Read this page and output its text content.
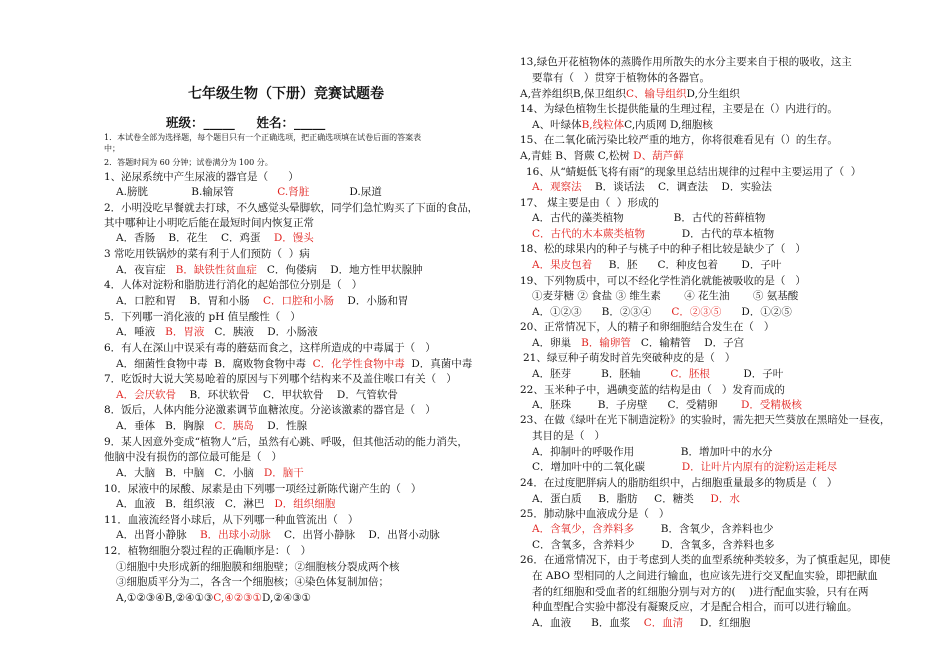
七年级生物（下册）竞赛试题卷
班级：_____     姓名：_____
1．本试卷全部为选择题，每个题目只有一个正确选项，把正确选项填在试卷后面的答案表
中；
2．答题时间为 60 分钟；试卷满分为 100 分。
1、泌尿系统中产生尿液的器官是（      ）
A.膀胱             B.输尿管             C.肾脏            D.尿道
2．小明没吃早餐就去打球，不久感觉头晕脚软，同学们急忙购买了下面的食品，
其中哪种让小明吃后能在最短时间内恢复正常
A．香肠    B．花生    C．鸡蛋    D．馒头
3 常吃用铁锅炒的菜有利于人们预防（  ）病
A．夜盲症   B．缺铁性贫血症   C．佝偻病    D．地方性甲状腺肿
4．人体对淀粉和脂肪进行消化的起始部位分别是（   ）
A．口腔和胃    B．胃和小肠    C．口腔和小肠    D．小肠和胃
5．下列哪一消化液的 pH 值呈酸性（   ）
A．唾液   B．胃液   C．胰液    D．小肠液
6．有人在深山中误采有毒的蘑菇而食之，这样所造成的中毒属于（   ）
A．细菌性食物中毒  B．腐败物食物中毒  C．化学性食物中毒  D．真菌中毒
7．吃饭时大说大笑易呛着的原因与下列哪个结构来不及盖住喉口有关（   ）
A．会厌软骨    B．环状软骨    C．甲状软骨    D．气管软骨
8．饭后，人体内能分泌激素调节血糖浓度。分泌该激素的器官是（   ）
A．垂体   B．胸腺   C．胰岛    D．性腺
9．某人因意外变成“植物人”后，虽然有心跳、呼吸，但其他活动的能力消失，
他脑中没有损伤的部位最可能是（   ）
A．大脑   B．中脑   C．小脑   D．脑干
10．尿液中的尿酸、尿素是由下列哪一项经过新陈代谢产生的（   ）
A．血液   B．组织液   C．淋巴   D．组织细胞
11．血液流经肾小球后，从下列哪一种血管流出（   ）
A．出肾小静脉    B．出球小动脉    C．出肾小静脉    D．出肾小动脉
12．植物细胞分裂过程的正确顺序是：（   ）
①细胞中央形成新的细胞膜和细胞壁；②细胞核分裂成两个核
③细胞质平分为二，各含一个细胞核；④染色体复制加倍；
A,①②③④B,②④①③C,④②③①D,②④③①
13,绿色开花植物体的蒸腾作用所散失的水分主要来自于根的吸收，这主
要靠有（   ）贯穿于植物体的各器官。
A,营养组织B,保卫组织C、输导组织D,分生组织
14、为绿色植物生长提供能量的生理过程，主要是在（）内进行的。
A、叶绿体B,线粒体C,内质网 D,细胞核
15、在二氧化硫污染比较严重的地方，你将很难看见有（）的生存。
A,青蛙 B、肾蕨 C,松树 D、葫芦藓
16、从“蜻蜓低飞将有雨”的现象里总结出规律的过程中主要运用了（  ）
A．观察法    B．谈话法    C．调查法    D．实验法
17、 煤主要是由（  ）形成的
A．古代的藻类植物               B．古代的苔藓植物
C．古代的木本蕨类植物           D．古代的草本植物
18、松的球果内的种子与桃子中的种子相比较是缺少了（   ）
A．果皮包着     B．胚      C．种皮包着       D．子叶
19、下列物质中，可以不经化学性消化就能被吸收的是（   ）
①麦芽糖 ② 食盐 ③ 维生素       ④ 花生油       ⑤ 氨基酸
A．①②③      B．②③④      C．②③⑤      D．①②⑤
20、正常情况下，人的精子和卵细胞结合发生在（   ）
A．卵巢   B．输卵管   C．输精管    D．子宫
21、绿豆种子萌发时首先突破种皮的是（   ）
A．胚芽         B．胚轴         C．胚根          D．子叶
22、玉米种子中，遇碘变蓝的结构是由（   ）发育而成的
A．胚珠        B．子房壁      C．受精卵       D．受精极核
23、在做《绿叶在光下制造淀粉》的实验时，需先把天竺葵放在黑暗处一昼夜，
其目的是（   ）
A．抑制叶的呼吸作用              B．增加叶中的水分
C．增加叶中的二氧化碳           D．让叶片内原有的淀粉运走耗尽
24．在过度肥胖病人的脂肪组织中，占细胞重量最多的物质是（   ）
A．蛋白质     B．脂肪     C．糖类     D．水
25．肺动脉中血液成分是（   ）
A．含氧少，含养料多        B．含氧少，含养料也少
C．含氧多，含养料少        D．含氧多，含养料也多
26．在通常情况下，由于考虑到人类的血型系统种类较多，为了慎重起见，即使
在 ABO 型相同的人之间进行输血，也应该先进行交叉配血实验，即把献血
者的红细胞和受血者的红细胞分别与对方的(    )进行配血实验，只有在两
种血型配合实验中都没有凝聚反应，才是配合相合，而可以进行输血。
A．血液      B．血浆    C．血清     D．红细胞
